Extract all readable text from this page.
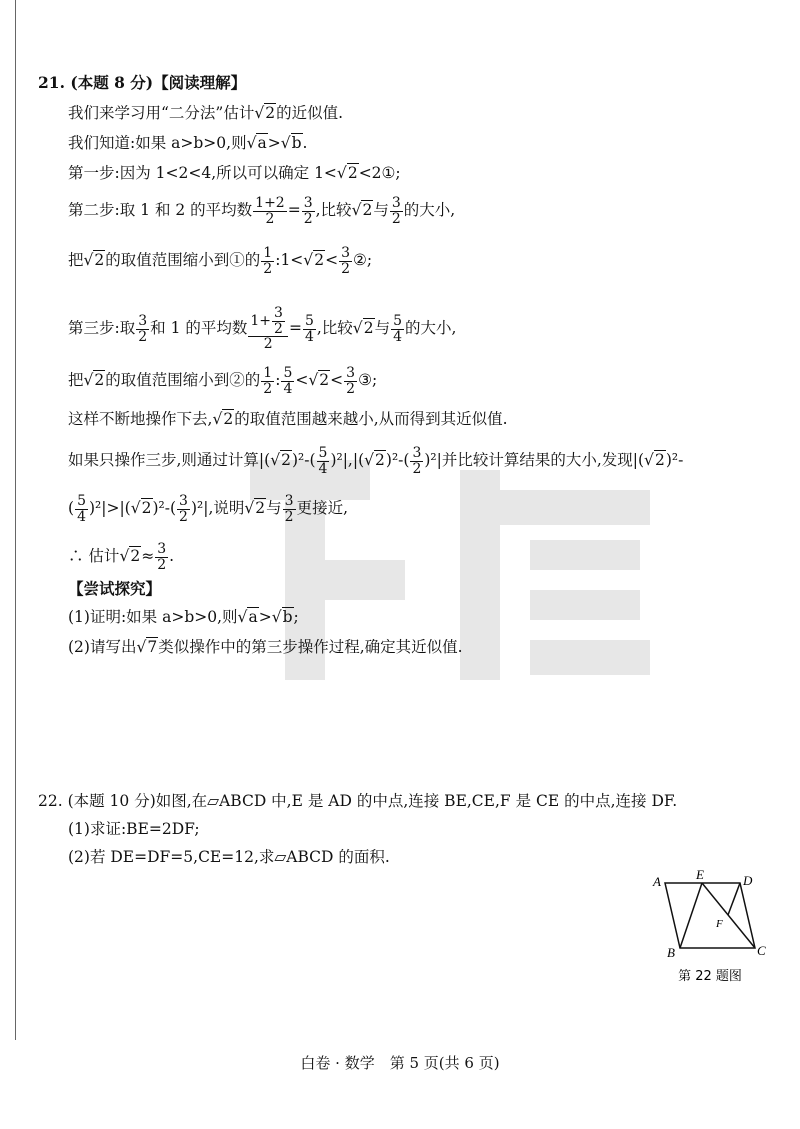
21. (本题 8 分)【阅读理解】
我们来学习用“二分法”估计√2的近似值.
我们知道:如果 a>b>0,则√a>√b.
第一步:因为 1<2<4,所以可以确定 1<√2<2①;
第二步:取 1 和 2 的平均数 $\frac{1+2}{2} = \frac{3}{2}$ ,比较√2与 $\frac{3}{2}$ 的大小,
把√2的取值范围缩小到①的 $\frac{1}{2}$ :1<√2< $\frac{3}{2}$ ②;
第三步:取 $\frac{3}{2}$ 和 1 的平均数 $\frac{1+ \frac{3}{2}}{2} = \frac{5}{4}$ ,比较√2与 $\frac{5}{4}$ 的大小,
把√2的取值范围缩小到②的 $\frac{1}{2}$ : $\frac{5}{4} <√2< \frac{3}{2}$ ③;
这样不断地操作下去,√2的取值范围越来越小,从而得到其近似值.
如果只操作三步,则通过计算$|(√2)^2-( \frac{5}{4} )^2|,|(√2)^2-( \frac{3}{2} )^2|$并比较计算结果的大小,发现|(√2)²-
( $\frac{5}{4} )^2|>|(√2)^2-( \frac{3}{2} )^2|$,说明√2与 $\frac{3}{2}$ 更接近,
∴ 估计$√2\approx \frac{3}{2}$ .
【尝试探究】
(1)证明:如果 a>b>0,则√a>√b;
(2)请写出√7类似操作中的第三步操作过程,确定其近似值.
22. (本题 10 分)如图,在▱ABCD 中,E 是 AD 的中点,连接 BE,CE,F 是 CE 的中点,连接 DF.
(1)求证:BE=2DF;
(2)若 DE=DF=5,CE=12,求▱ABCD 的面积.
A	E	D
F
B	C
第 22 题图
白卷 · 数学　第 5 页(共 6 页)
